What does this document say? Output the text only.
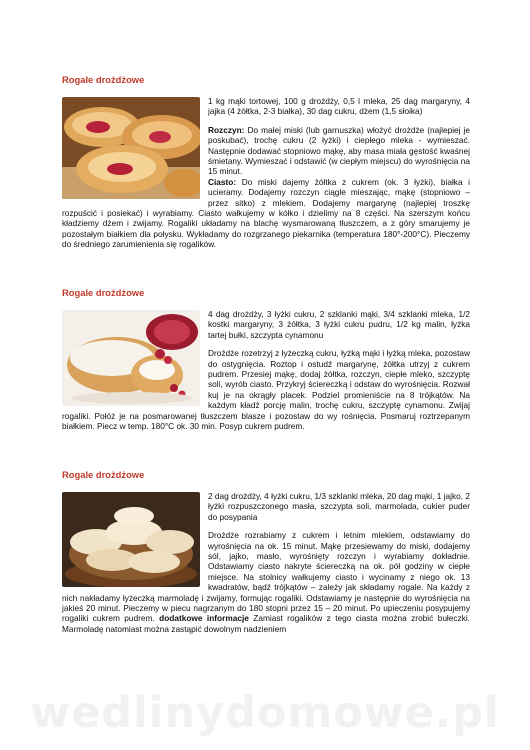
Rogale drożdżowe

1 kg mąki tortowej, 100 g drożdży, 0,5 l mleka, 25 dag margaryny, 4 jajka (4 żółtka, 2-3 białka), 30 dag cukru, dżem (1,5 słoika)

Rozczyn: Do małej miski (lub garnuszka) włożyć drożdże (najlepiej je poskubać), trochę cukru (2 łyżki) i ciepłego mleka - wymieszać. Następnie dodawać stopniowo mąkę, aby masa miała gęstość kwaśnej śmietany. Wymieszać i odstawić (w ciepłym miejscu) do wyrośnięcia na 15 minut.
Ciasto: Do miski dajemy żółtka z cukrem (ok. 3 łyżki), białka i ucieramy. Dodajemy rozczyn ciągle mieszając, mąkę (stopniowo – przez sitko) z mlekiem. Dodajemy margarynę (najlepiej troszkę rozpuścić i posiekać) i wyrabiamy. Ciasto wałkujemy w kółko i dzielimy na 8 części. Na szerszym końcu kładziemy dżem i zwijamy. Rogaliki układamy na blachę wysmarowaną tłuszczem, a z góry smarujemy je pozostałym białkiem dla połysku. Wykładamy do rozgrzanego piekarnika (temperatura 180°-200°C). Pieczemy do średniego zarumienienia się rogalików.

Rogale drożdżowe

4 dag drożdży, 3 łyżki cukru, 2 szklanki mąki, 3/4 szklanki mleka, 1/2 kostki margaryny, 3 żółtka, 3 łyżki cukru pudru, 1/2 kg malin, łyżka tartej bułki, szczypta cynamonu

Drożdże rozetrzyj z łyżeczką cukru, łyżką mąki i łyżką mleka, pozostaw do ostygnięcia. Roztop i ostudź margarynę, żółtka utrzyj z cukrem pudrem. Przesiej mąkę, dodaj żółtka, rozczyn, ciepłe mleko, szczyptę soli, wyrób ciasto. Przykryj ściereczką i odstaw do wyrośnięcia. Rozwał kuj je na okrągły placek. Podziel promieniście na 8 trójkątów. Na każdym kładź porcję malin, trochę cukru, szczyptę cynamonu. Zwijaj rogaliki. Połóż je na posmarowanej tłuszczem blasze i pozostaw do wy rośnięcia. Posmaruj roztrzepanym białkiem. Piecz w temp. 180°C ok. 30 min. Posyp cukrem pudrem.

Rogale drożdżowe

2 dag drożdży, 4 łyżki cukru, 1/3 szklanki mleka, 20 dag mąki, 1 jajko, 2 łyżki rozpuszczonego masła, szczypta soli, marmolada, cukier puder do posypania

Drożdże rozrabiamy z cukrem i letnim mlekiem, odstawiamy do wyrośnięcia na ok. 15 minut. Mąkę przesiewamy do miski, dodajemy sól, jajko, masło, wyrośnięty rozczyn i wyrabiamy dokładnie. Odstawiamy ciasto nakryte ściereczką na ok. pół godziny w ciepłe miejsce. Na stolnicy wałkujemy ciasto i wycinamy z niego ok. 13 kwadratów, bądź trójkątów – zależy jak składamy rogale. Na każdy z nich nakładamy łyżeczką marmoladę i zwijamy, formując rogaliki. Odstawiamy je następnie do wyrośnięcia na jakieś 20 minut. Pieczemy w piecu nagrzanym do 180 stopni przez 15 – 20 minut. Po upieczeniu posypujemy rogaliki cukrem pudrem. dodatkowe informacje Zamiast rogalików z tego ciasta można zrobić bułeczki. Marmoladę natomiast można zastąpić dowolnym nadzieniem

wedlinydomowe.pl
